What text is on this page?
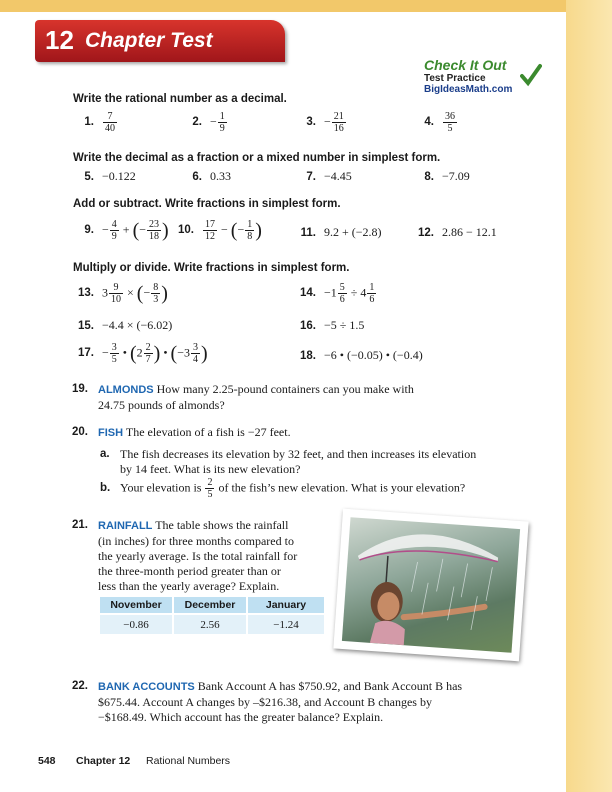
12 Chapter Test
Check It Out
Test Practice
BigIdeasMath.com
Write the rational number as a decimal.
1. $\frac{7}{40}$	2. − $\frac{1}{9}$	3. − $\frac{21}{16}$	4. $\frac{36}{5}$
Write the decimal as a fraction or a mixed number in simplest form.
5. −0.122	6. 0.33	7. −4.45	8. −7.09
Add or subtract. Write fractions in simplest form.
9. − $\frac{4}{9}$ + (− $\frac{23}{18}$ ) 10. $\frac{17}{12}$ − (− $\frac{1}{8}$ )	11. 9.2 + (−2.8)	12. 2.86 − 12.1
Multiply or divide. Write fractions in simplest form.
13. $3 \frac{9}{10}$ × (− $\frac{8}{3}$ )	14. $-1 \frac{5}{6} \div 4 \frac{1}{6}$
15. −4.4 × (−6.02)	16. −5 ÷ 1.5
17. − $\frac{3}{5}$ • ($2 \frac{2}{7}$ ) • ($-3 \frac{3}{4}$ )	18. −6 • (−0.05) • (−0.4)
19. ALMONDS How many 2.25-pound containers can you make with
24.75 pounds of almonds?
20. FISH The elevation of a fish is −27 feet.
a. The fish decreases its elevation by 32 feet, and then increases its elevation
by 14 feet. What is its new elevation?
b. Your elevation is $\frac{2}{5}$ of the fish’s new elevation. What is your elevation?
21. RAINFALL The table shows the rainfall
(in inches) for three months compared to
the yearly average. Is the total rainfall for
the three-month period greater than or
less than the yearly average? Explain.
November	December	January
−0.86	2.56	−1.24
22. BANK ACCOUNTS Bank Account A has $750.92, and Bank Account B has
$675.44. Account A changes by –$216.38, and Account B changes by
−$168.49. Which account has the greater balance? Explain.
548 Chapter 12 Rational Numbers
